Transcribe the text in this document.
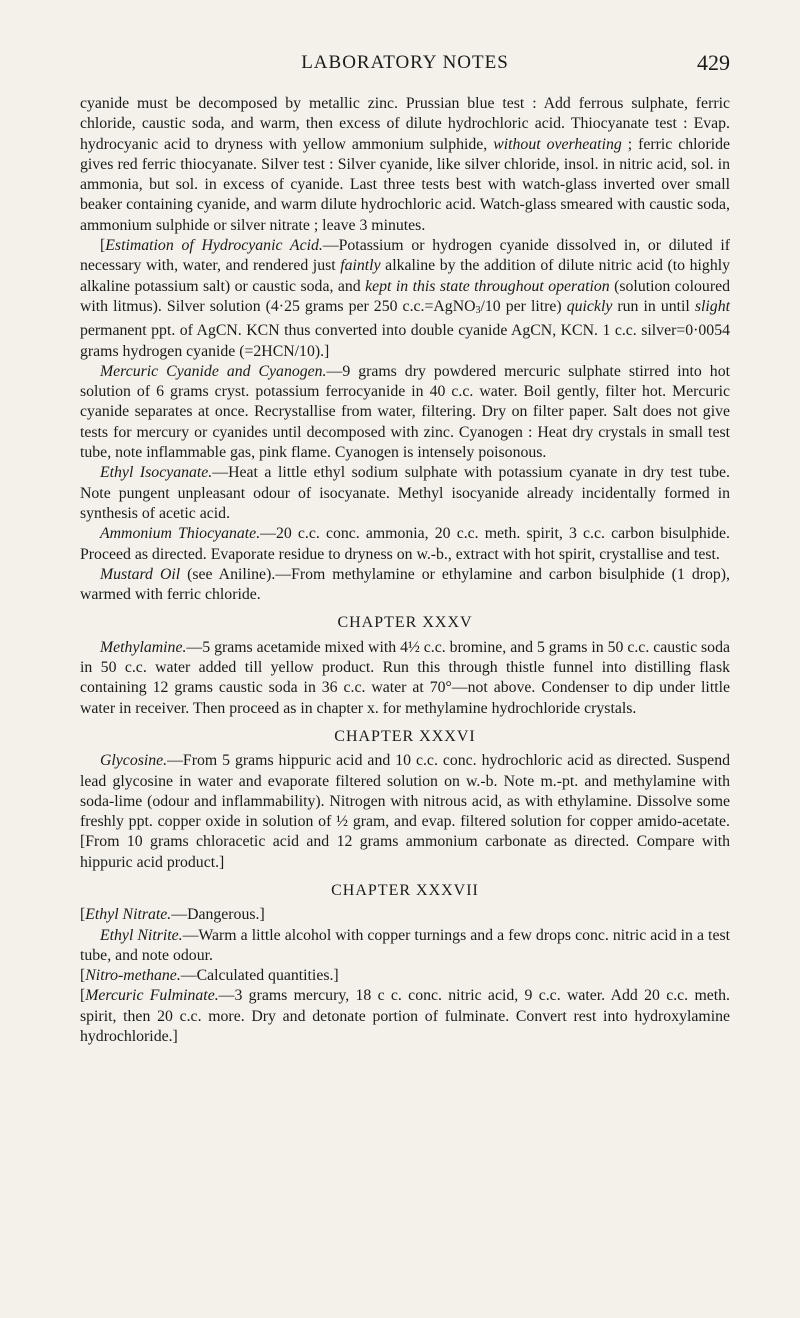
LABORATORY NOTES	429

cyanide must be decomposed by metallic zinc. Prussian blue test : Add ferrous sulphate, ferric chloride, caustic soda, and warm, then excess of dilute hydrochloric acid. Thiocyanate test : Evap. hydrocyanic acid to dryness with yellow ammonium sulphide, without overheating ; ferric chloride gives red ferric thiocyanate. Silver test : Silver cyanide, like silver chloride, insol. in nitric acid, sol. in ammonia, but sol. in excess of cyanide. Last three tests best with watch-glass inverted over small beaker containing cyanide, and warm dilute hydrochloric acid. Watch-glass smeared with caustic soda, ammonium sulphide or silver nitrate ; leave 3 minutes.

[Estimation of Hydrocyanic Acid.—Potassium or hydrogen cyanide dissolved in, or diluted if necessary with, water, and rendered just faintly alkaline by the addition of dilute nitric acid (to highly alkaline potassium salt) or caustic soda, and kept in this state throughout operation (solution coloured with litmus). Silver solution (4·25 grams per 250 c.c.=AgNO$_3$/10 per litre) quickly run in until slight permanent ppt. of AgCN. KCN thus converted into double cyanide AgCN, KCN. 1 c.c. silver=0·0054 grams hydrogen cyanide (=2HCN/10).]

Mercuric Cyanide and Cyanogen.—9 grams dry powdered mercuric sulphate stirred into hot solution of 6 grams cryst. potassium ferrocyanide in 40 c.c. water. Boil gently, filter hot. Mercuric cyanide separates at once. Recrystallise from water, filtering. Dry on filter paper. Salt does not give tests for mercury or cyanides until decomposed with zinc. Cyanogen : Heat dry crystals in small test tube, note inflammable gas, pink flame. Cyanogen is intensely poisonous.

Ethyl Isocyanate.—Heat a little ethyl sodium sulphate with potassium cyanate in dry test tube. Note pungent unpleasant odour of isocyanate. Methyl isocyanide already incidentally formed in synthesis of acetic acid.

Ammonium Thiocyanate.—20 c.c. conc. ammonia, 20 c.c. meth. spirit, 3 c.c. carbon bisulphide. Proceed as directed. Evaporate residue to dryness on w.-b., extract with hot spirit, crystallise and test.

Mustard Oil (see Aniline).—From methylamine or ethylamine and carbon bisulphide (1 drop), warmed with ferric chloride.

CHAPTER XXXV

Methylamine.—5 grams acetamide mixed with 4½ c.c. bromine, and 5 grams in 50 c.c. caustic soda in 50 c.c. water added till yellow product. Run this through thistle funnel into distilling flask containing 12 grams caustic soda in 36 c.c. water at 70°—not above. Condenser to dip under little water in receiver. Then proceed as in chapter x. for methylamine hydrochloride crystals.

CHAPTER XXXVI

Glycosine.—From 5 grams hippuric acid and 10 c.c. conc. hydrochloric acid as directed. Suspend lead glycosine in water and evaporate filtered solution on w.-b. Note m.-pt. and methylamine with soda-lime (odour and inflammability). Nitrogen with nitrous acid, as with ethylamine. Dissolve some freshly ppt. copper oxide in solution of ½ gram, and evap. filtered solution for copper amido-acetate. [From 10 grams chloracetic acid and 12 grams ammonium carbonate as directed. Compare with hippuric acid product.]

CHAPTER XXXVII

[Ethyl Nitrate.—Dangerous.]

Ethyl Nitrite.—Warm a little alcohol with copper turnings and a few drops conc. nitric acid in a test tube, and note odour.

[Nitro-methane.—Calculated quantities.]

[Mercuric Fulminate.—3 grams mercury, 18 c c. conc. nitric acid, 9 c.c. water. Add 20 c.c. meth. spirit, then 20 c.c. more. Dry and detonate portion of fulminate. Convert rest into hydroxylamine hydrochloride.]
